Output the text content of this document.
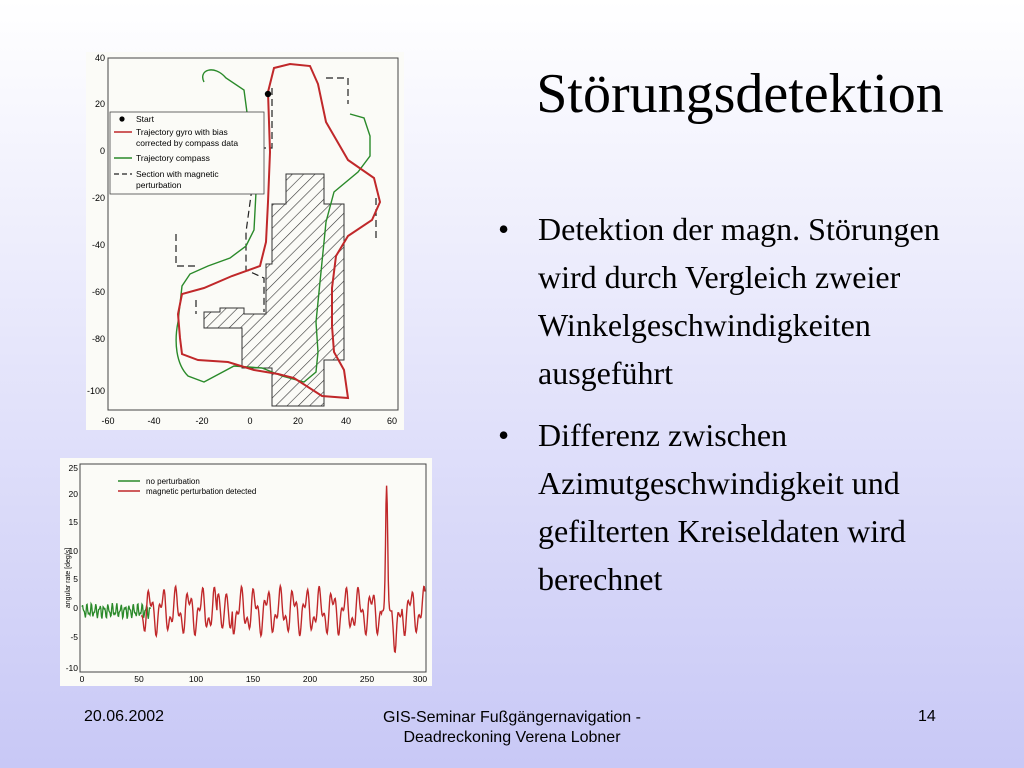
Störungsdetektion
• Detektion der magn. Störungen wird durch Vergleich zweier Winkelgeschwindigkeiten ausgeführt
• Differenz zwischen Azimutgeschwindigkeit und gefilterten Kreiseldaten wird berechnet
Start
Trajectory gyro with bias
corrected by compass data
Trajectory compass
Section with magnetic
perturbation
40
20
0
-20
-40
-60
-80
-100
-60	-40	-20	0	20	40	60
angular rate [deg/s]
25
20
15
10
5
0
-5
-10
0	50	100	150	200	250	300
no perturbation
magnetic perturbation detected
20.06.2002	GIS-Seminar Fußgängernavigation -
Deadreckoning Verena Lobner
14
